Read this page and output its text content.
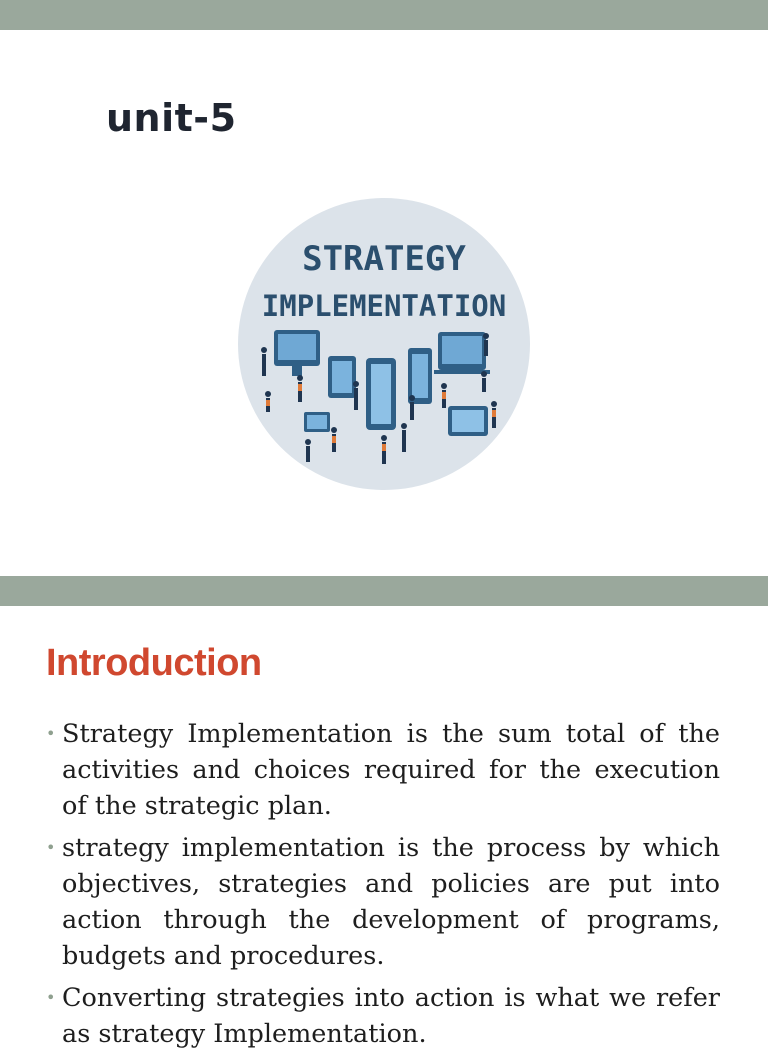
unit-5
STRATEGY
IMPLEMENTATION
Introduction
• Strategy Implementation is the sum total of the activities and choices required for the execution of the strategic plan.
• strategy implementation is the process by which objectives, strategies and policies are put into action through the development of programs, budgets and procedures.
• Converting strategies into action is what we refer as strategy Implementation.
